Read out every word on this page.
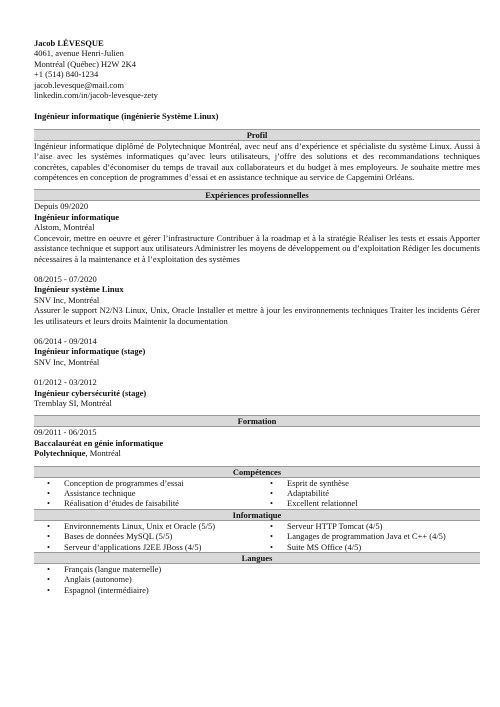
Jacob LÉVESQUE
4061, avenue Henri-Julien
Montréal (Québec) H2W 2K4
+1 (514) 840-1234
jacob.levesque@mail.com
linkedin.com/in/jacob-levesque-zety
Ingénieur informatique (ingénierie Système Linux)
Profil
Ingénieur informatique diplômé de Polytechnique Montréal, avec neuf ans d’expérience et spécialiste du système Linux. Aussi à l’aise avec les systèmes informatiques qu’avec leurs utilisateurs, j’offre des solutions et des recommandations techniques concrètes, capables d’économiser du temps de travail aux collaborateurs et du budget à mes employeurs. Je souhaite mettre mes compétences en conception de programmes d’essai et en assistance technique au service de Capgemini Orléans.
Expériences professionnelles
Depuis 09/2020
Ingénieur informatique
Alstom, Montréal
Concevoir, mettre en oeuvre et gérer l’infrastructure Contribuer à la roadmap et à la stratégie Réaliser les tests et essais Apporter assistance technique et support aux utilisateurs Administrer les moyens de développement ou d’exploitation Rédiger les documents nécessaires à la maintenance et à l’exploitation des systèmes
08/2015 - 07/2020
Ingénieur système Linux
SNV Inc, Montréal
Assurer le support N2/N3 Linux, Unix, Oracle Installer et mettre à jour les environnements techniques Traiter les incidents Gérer les utilisateurs et leurs droits Maintenir la documentation
06/2014 - 09/2014
Ingénieur informatique (stage)
SNV Inc, Montréal
01/2012 - 03/2012
Ingénieur cybersécurité (stage)
Tremblay SI, Montréal
Formation
09/2011 - 06/2015
Baccalauréat en génie informatique
Polytechnique, Montréal
Compétences
• Conception de programmes d’essai
• Assistance technique
• Réalisation d’études de faisabilité
• Esprit de synthèse
• Adaptabilité
• Excellent relationnel
Informatique
• Environnements Linux, Unix et Oracle (5/5)
• Bases de données MySQL (5/5)
• Serveur d’applications J2EE JBoss (4/5)
• Serveur HTTP Tomcat (4/5)
• Langages de programmation Java et C++ (4/5)
• Suite MS Office (4/5)
Langues
• Français (langue maternelle)
• Anglais (autonome)
• Espagnol (intermédiaire)
